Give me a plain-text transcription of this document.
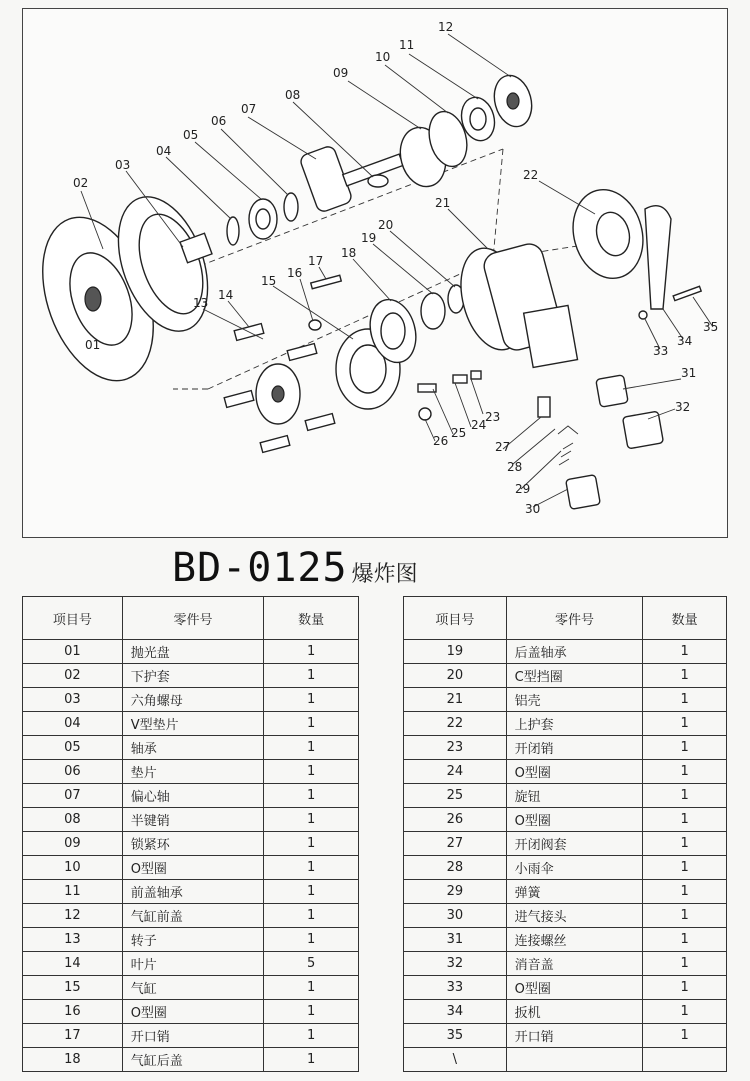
02
03
04
05
06
07
08
09
10
11
12
13
14
15
16
17
18
19
20
21
22
23
24
25
26	27
28
29
30
31
32
33
34
35
01
BD-0125 爆炸图
项目号	零件号	数量
01	抛光盘	1
02	下护套	1
03	六角螺母	1
04	V型垫片	1
05	轴承	1
06	垫片	1
07	偏心轴	1
08	半键销	1
09	锁紧环	1
10	O型圈	1
11	前盖轴承	1
12	气缸前盖	1
13	转子	1
14	叶片	5
15	气缸	1
16	O型圈	1
17	开口销	1
18	气缸后盖	1
项目号	零件号	数量
19	后盖轴承	1
20	C型挡圈	1
21	铝壳	1
22	上护套	1
23	开闭销	1
24	O型圈	1
25	旋钮	1
26	O型圈	1
27	开闭阀套	1
28	小雨伞	1
29	弹簧	1
30	进气接头	1
31	连接螺丝	1
32	消音盖	1
33	O型圈	1
34	扳机	1
35	开口销	1
\		
